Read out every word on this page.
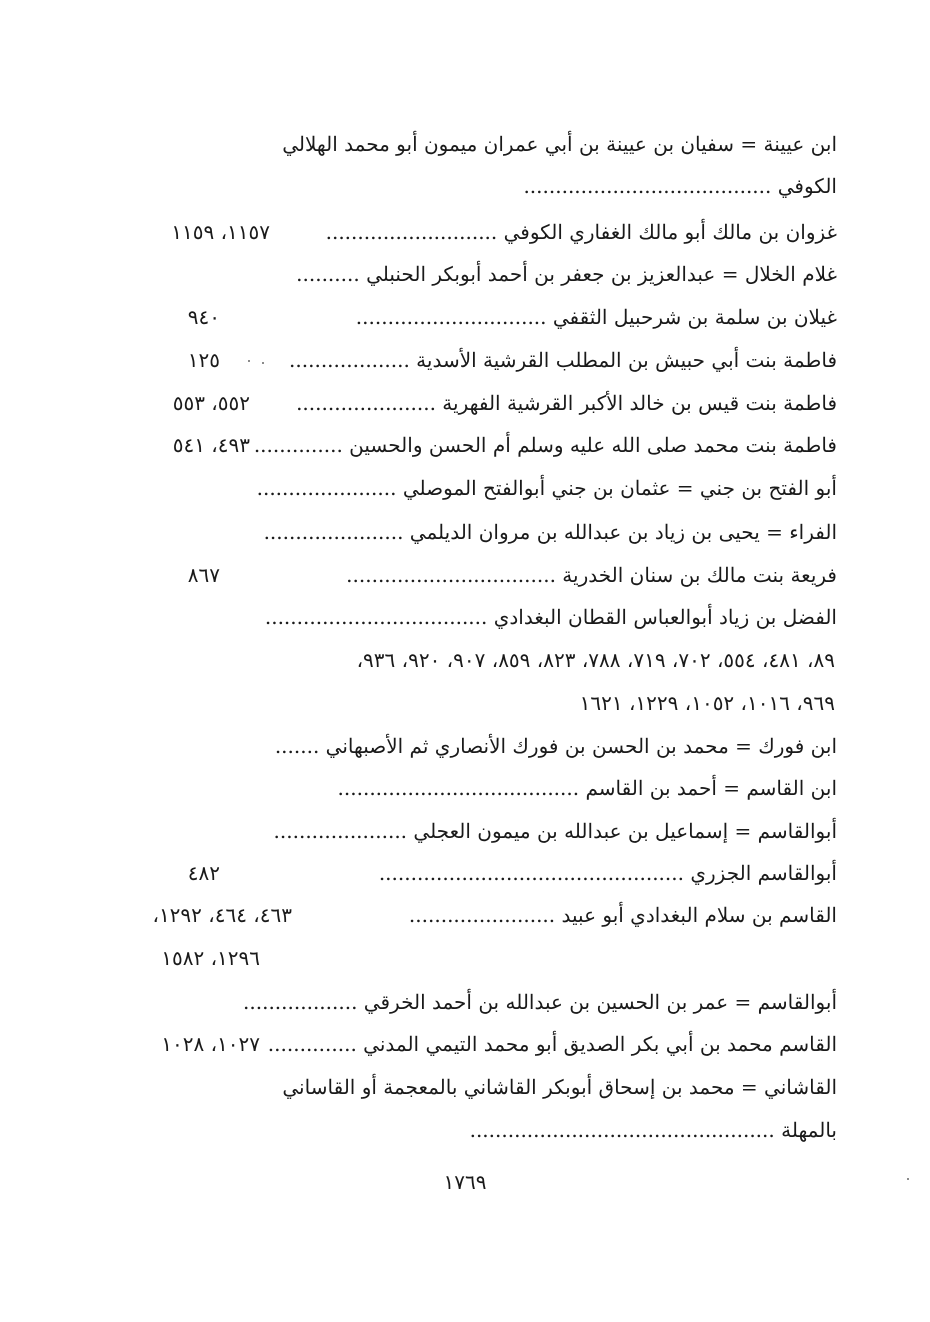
ابن عيينة = سفيان بن عيينة بن أبي عمران ميمون أبو محمد الهلالي
الكوفي .......................................
غزوان بن مالك أبو مالك الغفاري الكوفي ...........................
١١٥٧، ١١٥٩
غلام الخلال = عبدالعزيز بن جعفر بن أحمد أبوبكر الحنبلي ..........
غيلان بن سلمة بن شرحبيل الثقفي ..............................
٩٤٠
فاطمة بنت أبي حبيش بن المطلب القرشية الأسدية ...................
١٢٥
فاطمة بنت قيس بن خالد الأكبر القرشية الفهرية ......................
٥٥٢، ٥٥٣
فاطمة بنت محمد صلى الله عليه وسلم أم الحسن والحسين ..............
٤٩٣، ٥٤١
أبو الفتح بن جني = عثمان بن جني أبوالفتح الموصلي ......................
الفراء = يحيى بن زياد بن عبدالله بن مروان الديلمي ......................
فريعة بنت مالك بن سنان الخدرية .................................
٨٦٧
الفضل بن زياد أبوالعباس القطان البغدادي ...................................
٨٩، ٤٨١، ٥٥٤، ٧٠٢، ٧١٩، ٧٨٨، ٨٢٣، ٨٥٩، ٩٠٧، ٩٢٠، ٩٣٦،
٩٦٩، ١٠١٦، ١٠٥٢، ١٢٢٩، ١٦٢١
ابن فورك = محمد بن الحسن بن فورك الأنصاري ثم الأصبهاني .......
ابن القاسم = أحمد بن القاسم ......................................
أبوالقاسم = إسماعيل بن عبدالله بن ميمون العجلي .....................
أبوالقاسم الجزري ................................................
٤٨٢
القاسم بن سلام البغدادي أبو عبيد .......................
٤٦٣، ٤٦٤، ١٢٩٢،
١٢٩٦، ١٥٨٢
أبوالقاسم = عمر بن الحسين بن عبدالله بن أحمد الخرقي ..................
القاسم محمد بن أبي بكر الصديق أبو محمد التيمي المدني ..............
١٠٢٧، ١٠٢٨
القاشاني = محمد بن إسحاق أبوبكر القاشاني بالمعجمة أو القاساني
بالمهلة ................................................
١٧٦٩
